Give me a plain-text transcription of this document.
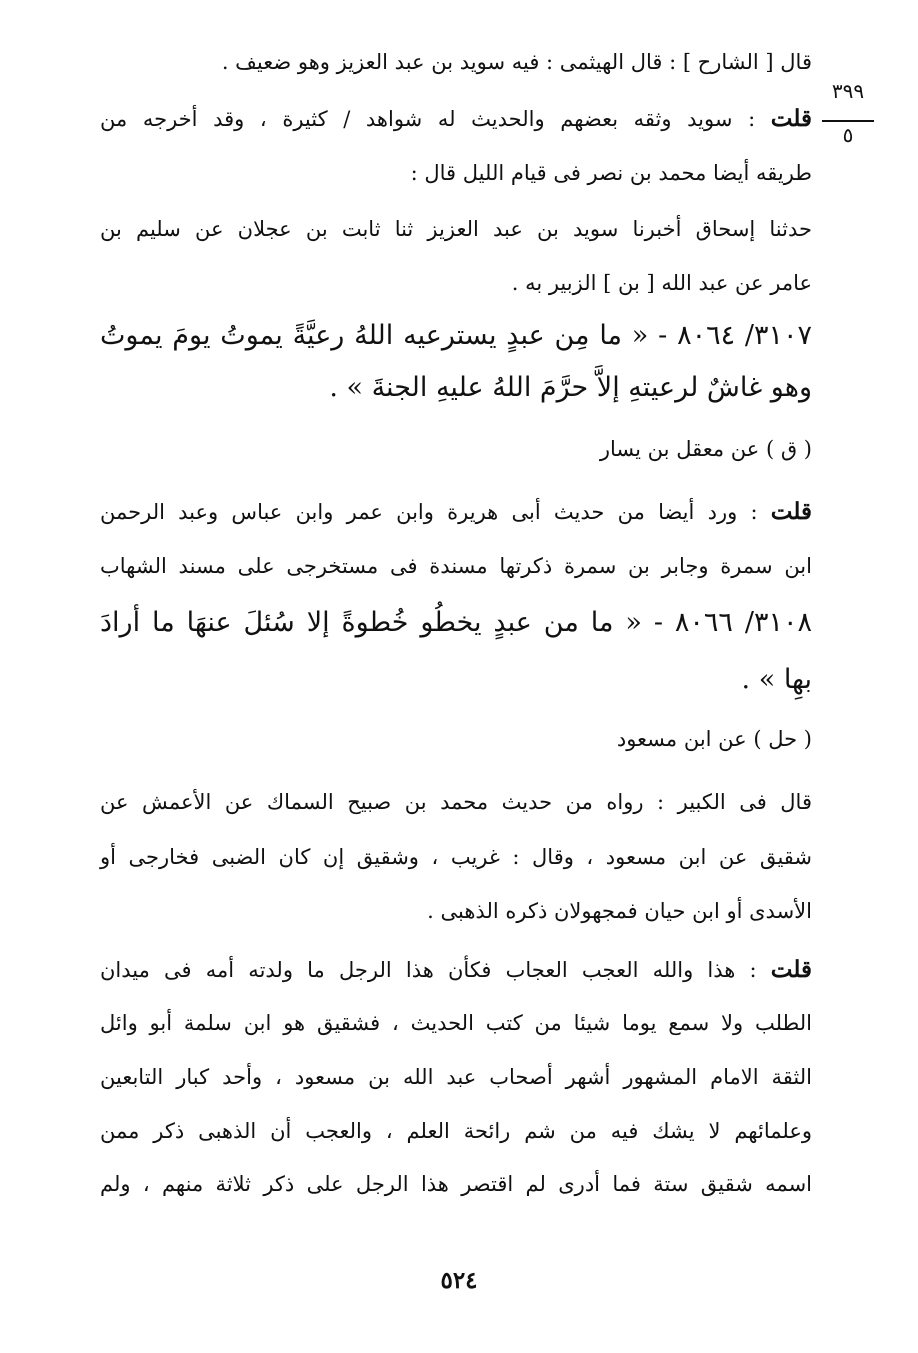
٣٩٩
٥
قال [ الشارح ] : قال الهيثمى : فيه سويد بن عبد العزيز وهو ضعيف .
قلت : سويد وثقه بعضهم والحديث له شواهد / كثيرة ، وقد أخرجه من
طريقه أيضا محمد بن نصر فى قيام الليل قال :
حدثنا إسحاق أخبرنا سويد بن عبد العزيز ثنا ثابت بن عجلان عن سليم بن
عامر عن عبد الله [ بن ] الزبير به .
٣١٠٧/ ٨٠٦٤ - « ما مِن عبدٍ يسترعيه اللهُ رعيَّةً يموتُ يومَ يموتُ
وهو غاشٌ لرعيتهِ إلاَّ حرَّمَ اللهُ عليهِ الجنةَ » .
( ق ) عن معقل بن يسار
قلت : ورد أيضا من حديث أبى هريرة وابن عمر وابن عباس وعبد الرحمن
ابن سمرة وجابر بن سمرة ذكرتها مسندة فى مستخرجى على مسند الشهاب
٣١٠٨/ ٨٠٦٦ - « ما من عبدٍ يخطُو خُطوةً إلا سُئلَ عنهَا ما أرادَ
بهِا » .
( حل ) عن ابن مسعود
قال فى الكبير : رواه من حديث محمد بن صبيح السماك عن الأعمش عن
شقيق عن ابن مسعود ، وقال : غريب ، وشقيق إن كان الضبى فخارجى أو
الأسدى أو ابن حيان فمجهولان ذكره الذهبى .
قلت : هذا والله العجب العجاب فكأن هذا الرجل ما ولدته أمه فى ميدان
الطلب ولا سمع يوما شيئا من كتب الحديث ، فشقيق هو ابن سلمة أبو وائل
الثقة الامام المشهور أشهر أصحاب عبد الله بن مسعود ، وأحد كبار التابعين
وعلمائهم لا يشك فيه من شم رائحة العلم ، والعجب أن الذهبى ذكر ممن
اسمه شقيق ستة فما أدرى لم اقتصر هذا الرجل على ذكر ثلاثة منهم ، ولم
٥٢٤
